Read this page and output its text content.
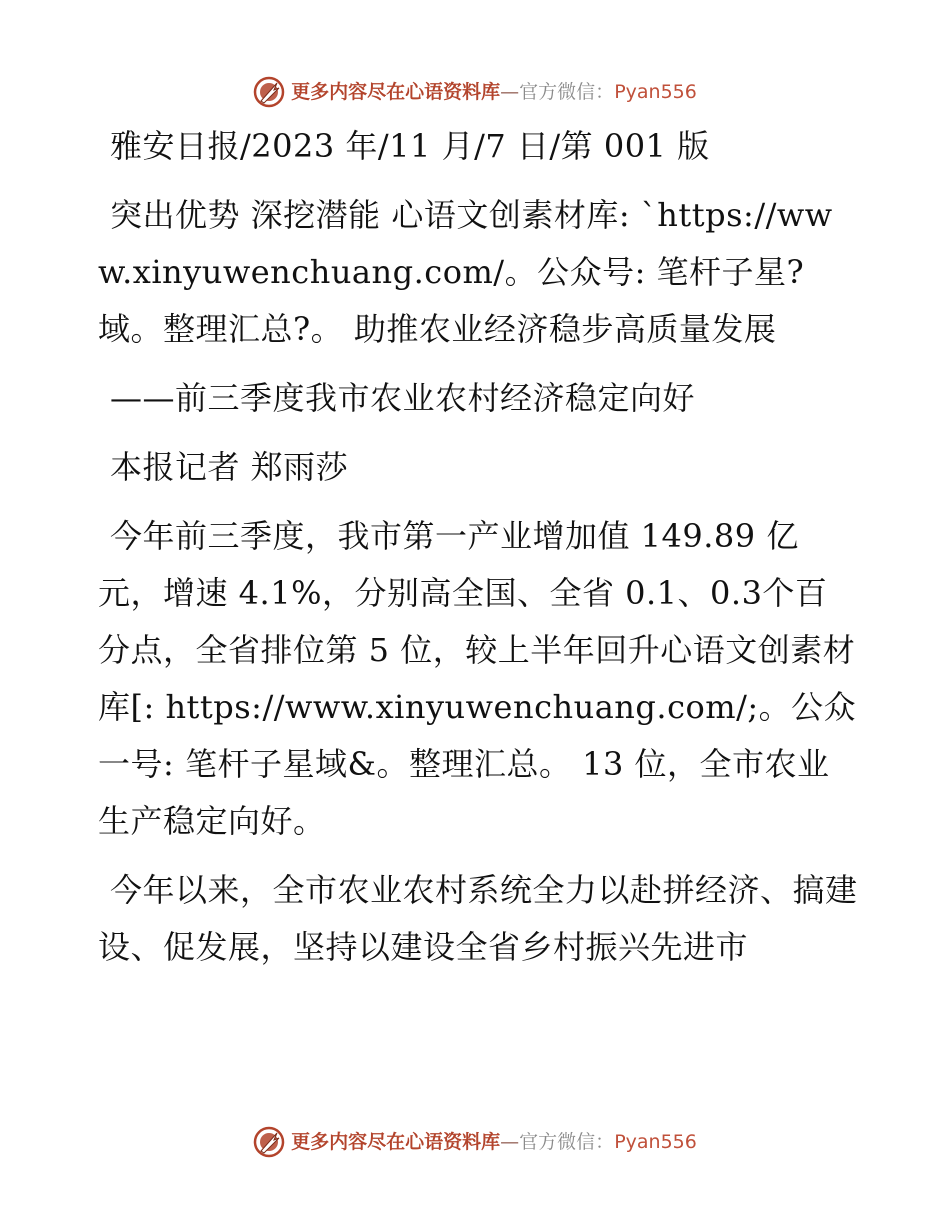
更多内容尽在心语资料库 — 官方微信： Pyan556

雅安日报/2023 年/11 月/7 日/第 001 版

突出优势 深挖潜能 心语文创素材库: `https://www.xinyuwenchuang.com/。公众号: 笔杆子星?域。整理汇总?。 助推农业经济稳步高质量发展

——前三季度我市农业农村经济稳定向好

本报记者 郑雨莎

今年前三季度，我市第一产业增加值 149.89 亿元，增速 4.1%，分别高全国、全省 0.1、0.3个百分点，全省排位第 5 位，较上半年回升心语文创素材库[: https://www.xinyuwenchuang.com/;。公众一号: 笔杆子星域&。整理汇总。 13 位，全市农业生产稳定向好。

今年以来，全市农业农村系统全力以赴拼经济、搞建设、促发展，坚持以建设全省乡村振兴先进市

更多内容尽在心语资料库 — 官方微信： Pyan556
